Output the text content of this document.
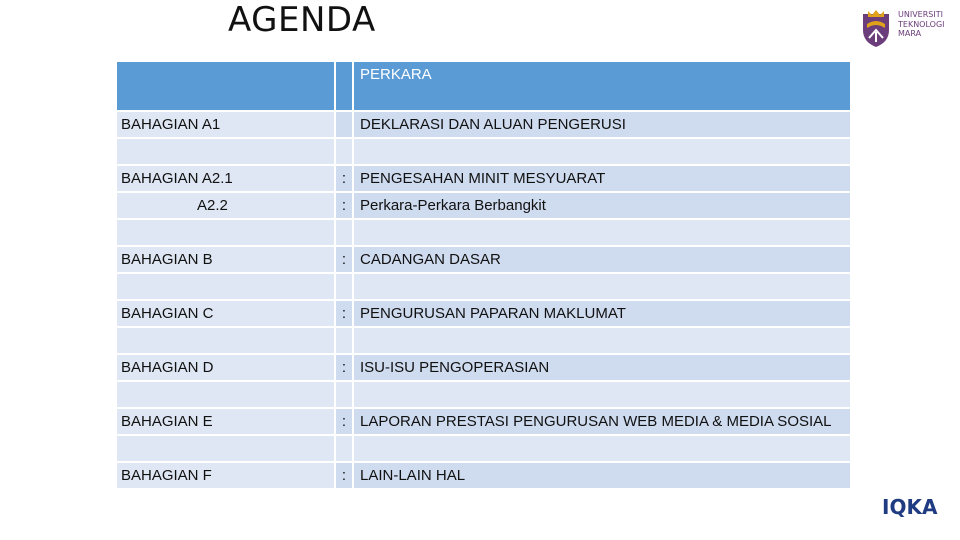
AGENDA	UNIVERSITI
TEKNOLOGI
MARA
		PERKARA
BAHAGIAN A1		DEKLARASI DAN ALUAN PENGERUSI

BAHAGIAN A2.1	:	PENGESAHAN MINIT MESYUARAT
A2.2	:	Perkara-Perkara Berbangkit

BAHAGIAN B	:	CADANGAN DASAR

BAHAGIAN C	:	PENGURUSAN PAPARAN MAKLUMAT

BAHAGIAN D	:	ISU-ISU PENGOPERASIAN

BAHAGIAN E	:	LAPORAN PRESTASI PENGURUSAN WEB MEDIA & MEDIA SOSIAL

BAHAGIAN F	:	LAIN-LAIN HAL
IQKA
